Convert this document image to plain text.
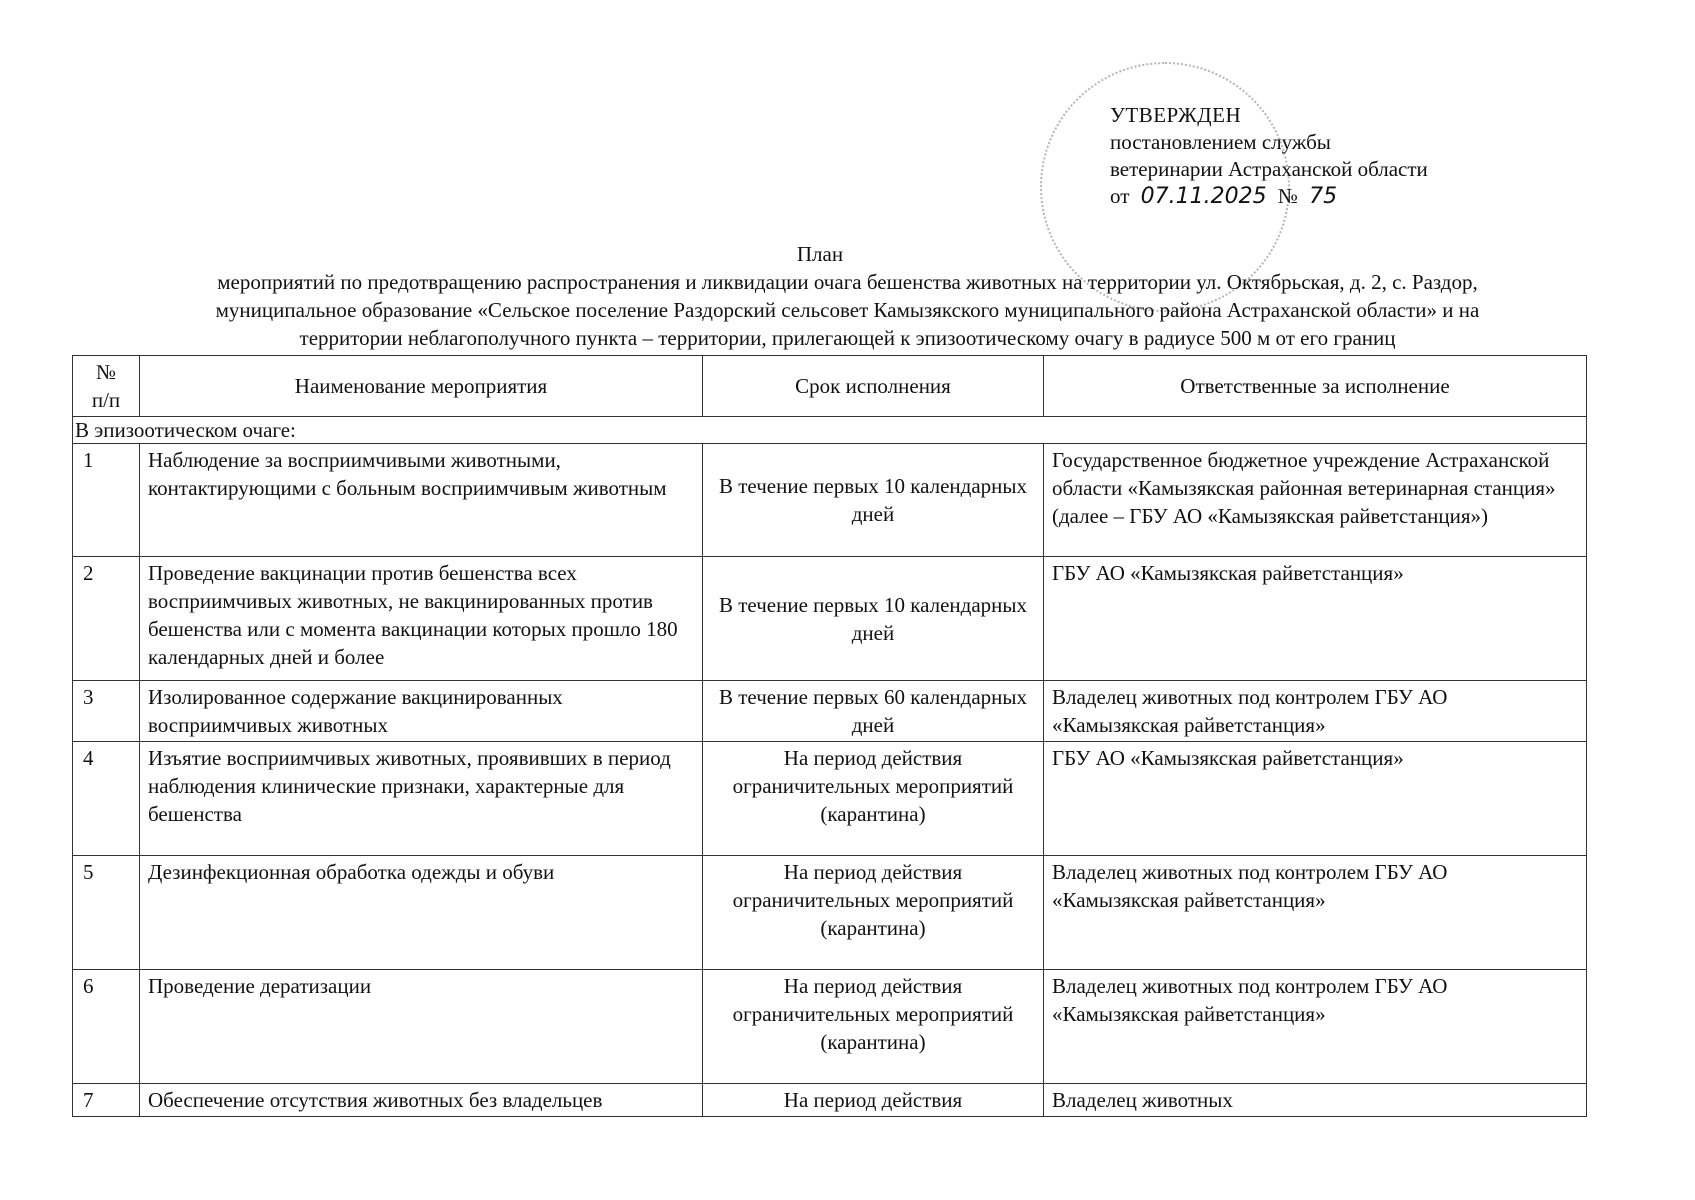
УТВЕРЖДЕН
постановлением службы
ветеринарии Астраханской области
от 07.11.2025 № 75
План
мероприятий по предотвращению распространения и ликвидации очага бешенства животных на территории ул. Октябрьская, д. 2, с. Раздор,
муниципальное образование «Сельское поселение Раздорский сельсовет Камызякского муниципального района Астраханской области» и на
территории неблагополучного пункта – территории, прилегающей к эпизоотическому очагу в радиусе 500 м от его границ
№
п/п	Наименование мероприятия	Срок исполнения	Ответственные за исполнение
В эпизоотическом очаге:			
1	Наблюдение за восприимчивыми животными, контактирующими с больным восприимчивым животным	В течение первых 10 календарных дней	Государственное бюджетное учреждение Астраханской области «Камызякская районная ветеринарная станция» (далее – ГБУ АО «Камызякская райветстанция»)
2	Проведение вакцинации против бешенства всех восприимчивых животных, не вакцинированных против бешенства или с момента вакцинации которых прошло 180 календарных дней и более	В течение первых 10 календарных дней	ГБУ АО «Камызякская райветстанция»
3	Изолированное содержание вакцинированных восприимчивых животных	В течение первых 60 календарных дней	Владелец животных под контролем ГБУ АО «Камызякская райветстанция»
4	Изъятие восприимчивых животных, проявивших в период наблюдения клинические признаки, характерные для бешенства	На период действия ограничительных мероприятий (карантина)	ГБУ АО «Камызякская райветстанция»
5	Дезинфекционная обработка одежды и обуви	На период действия ограничительных мероприятий (карантина)	Владелец животных под контролем ГБУ АО «Камызякская райветстанция»
6	Проведение дератизации	На период действия ограничительных мероприятий (карантина)	Владелец животных под контролем ГБУ АО «Камызякская райветстанция»
7	Обеспечение отсутствия животных без владельцев	На период действия	Владелец животных
